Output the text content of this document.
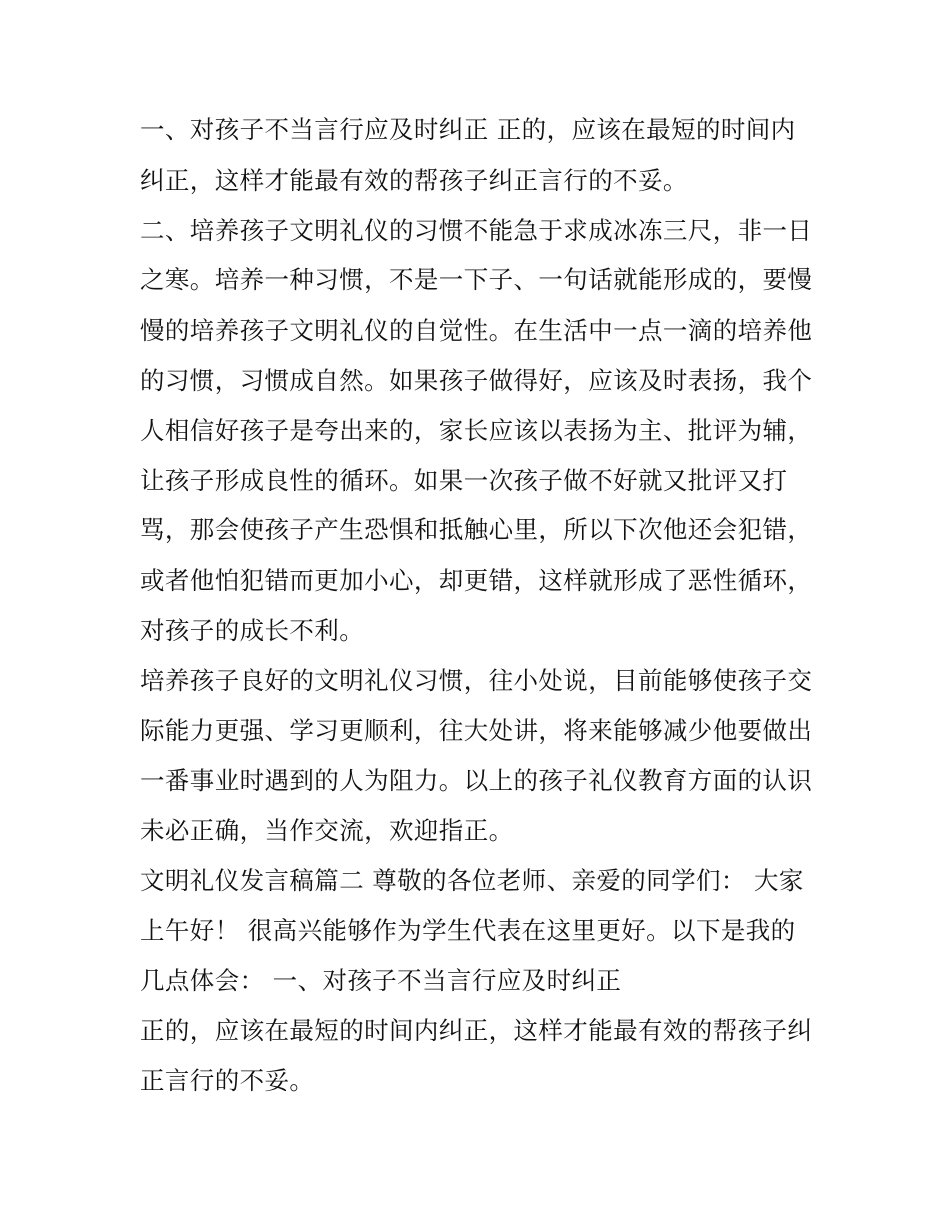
一、对孩子不当言行应及时纠正 正的，应该在最短的时间内
纠正，这样才能最有效的帮孩子纠正言行的不妥。
二、培养孩子文明礼仪的习惯不能急于求成冰冻三尺，非一日
之寒。培养一种习惯，不是一下子、一句话就能形成的，要慢
慢的培养孩子文明礼仪的自觉性。在生活中一点一滴的培养他
的习惯，习惯成自然。如果孩子做得好，应该及时表扬，我个
人相信好孩子是夸出来的，家长应该以表扬为主、批评为辅，
让孩子形成良性的循环。如果一次孩子做不好就又批评又打
骂，那会使孩子产生恐惧和抵触心里，所以下次他还会犯错，
或者他怕犯错而更加小心，却更错，这样就形成了恶性循环，
对孩子的成长不利。
培养孩子良好的文明礼仪习惯，往小处说，目前能够使孩子交
际能力更强、学习更顺利，往大处讲，将来能够减少他要做出
一番事业时遇到的人为阻力。以上的孩子礼仪教育方面的认识
未必正确，当作交流，欢迎指正。
文明礼仪发言稿篇二 尊敬的各位老师、亲爱的同学们： 大家
上午好！ 很高兴能够作为学生代表在这里更好。以下是我的
几点体会： 一、对孩子不当言行应及时纠正
正的，应该在最短的时间内纠正，这样才能最有效的帮孩子纠
正言行的不妥。
